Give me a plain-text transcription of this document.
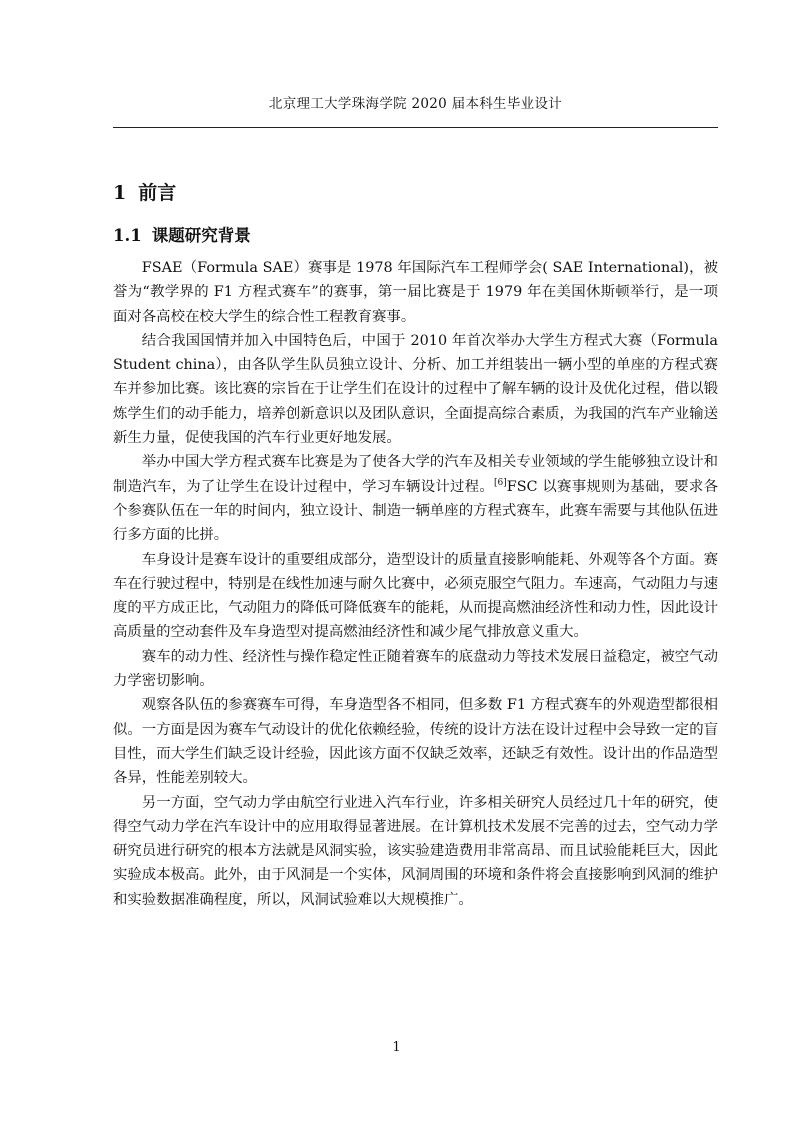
北京理工大学珠海学院 2020 届本科生毕业设计
1 前言
1.1 课题研究背景

FSAE（Formula SAE）赛事是 1978 年国际汽车工程师学会( SAE International)，被誉为“教学界的 F1 方程式赛车”的赛事，第一届比赛是于 1979 年在美国休斯顿举行，是一项面对各高校在校大学生的综合性工程教育赛事。

结合我国国情并加入中国特色后，中国于 2010 年首次举办大学生方程式大赛（Formula Student china），由各队学生队员独立设计、分析、加工并组装出一辆小型的单座的方程式赛车并参加比赛。该比赛的宗旨在于让学生们在设计的过程中了解车辆的设计及优化过程，借以锻炼学生们的动手能力，培养创新意识以及团队意识，全面提高综合素质，为我国的汽车产业输送新生力量，促使我国的汽车行业更好地发展。

举办中国大学方程式赛车比赛是为了使各大学的汽车及相关专业领域的学生能够独立设计和制造汽车，为了让学生在设计过程中，学习车辆设计过程。[6]FSC 以赛事规则为基础，要求各个参赛队伍在一年的时间内，独立设计、制造一辆单座的方程式赛车，此赛车需要与其他队伍进行多方面的比拼。

车身设计是赛车设计的重要组成部分，造型设计的质量直接影响能耗、外观等各个方面。赛车在行驶过程中，特别是在线性加速与耐久比赛中，必须克服空气阻力。车速高，气动阻力与速度的平方成正比，气动阻力的降低可降低赛车的能耗，从而提高燃油经济性和动力性，因此设计高质量的空动套件及车身造型对提高燃油经济性和减少尾气排放意义重大。

赛车的动力性、经济性与操作稳定性正随着赛车的底盘动力等技术发展日益稳定，被空气动力学密切影响。

观察各队伍的参赛赛车可得，车身造型各不相同，但多数 F1 方程式赛车的外观造型都很相似。一方面是因为赛车气动设计的优化依赖经验，传统的设计方法在设计过程中会导致一定的盲目性，而大学生们缺乏设计经验，因此该方面不仅缺乏效率，还缺乏有效性。设计出的作品造型各异，性能差别较大。

另一方面，空气动力学由航空行业进入汽车行业，许多相关研究人员经过几十年的研究，使得空气动力学在汽车设计中的应用取得显著进展。在计算机技术发展不完善的过去，空气动力学研究员进行研究的根本方法就是风洞实验，该实验建造费用非常高昂、而且试验能耗巨大，因此实验成本极高。此外，由于风洞是一个实体，风洞周围的环境和条件将会直接影响到风洞的维护和实验数据准确程度，所以，风洞试验难以大规模推广。

1
